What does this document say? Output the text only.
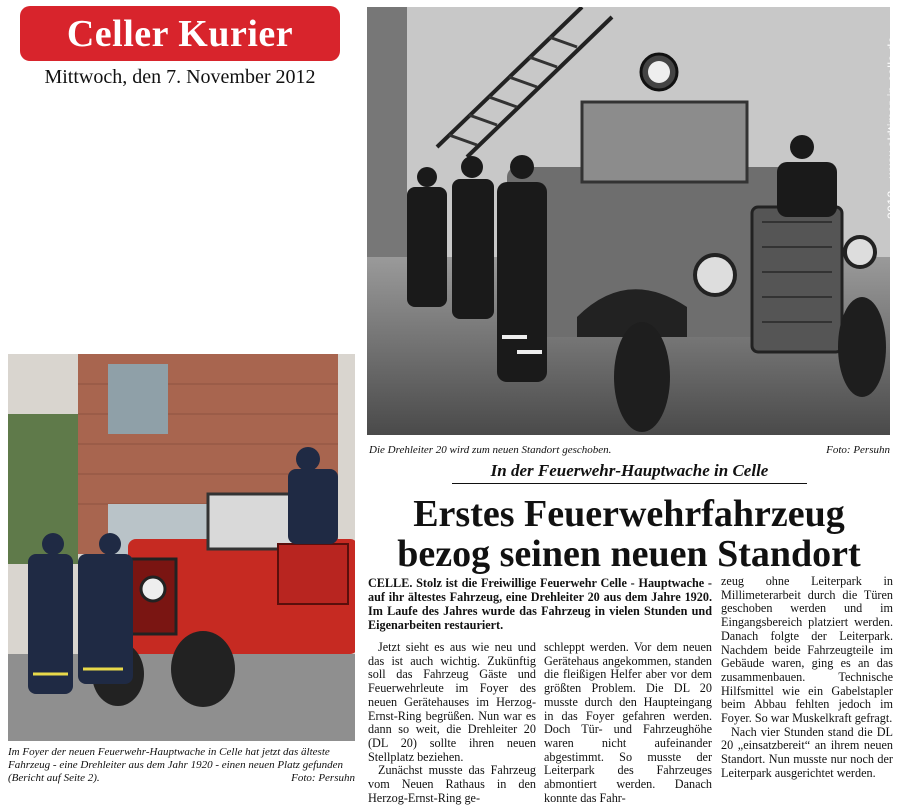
Celler Kurier
Mittwoch, den 7. November 2012	2012 - www.oldtimer-in-celle.de
Die Drehleiter 20 wird zum neuen Standort geschoben.	Foto: Persuhn
Im Foyer der neuen Feuerwehr-Hauptwache in Celle hat jetzt das älteste Fahrzeug - eine Drehleiter aus dem Jahr 1920 - einen neuen Platz gefunden (Bericht auf Seite 2).	Foto: Persuhn
In der Feuerwehr-Hauptwache in Celle
Erstes Feuerwehrfahrzeug
bezog seinen neuen Standort
CELLE. Stolz ist die Freiwillige Feuerwehr Celle - Hauptwache - auf ihr ältestes Fahrzeug, eine Drehleiter 20 aus dem Jahre 1920. Im Laufe des Jahres wurde das Fahrzeug in vielen Stunden und Eigenarbeiten restauriert.

Jetzt sieht es aus wie neu und das ist auch wichtig. Zukünftig soll das Fahrzeug Gäste und Feuerwehrleute im Foyer des neuen Gerätehauses im Herzog-Ernst-Ring begrüßen. Nun war es dann so weit, die Drehleiter 20 (DL 20) sollte ihren neuen Stellplatz beziehen.

Zunächst musste das Fahrzeug vom Neuen Rathaus in den Herzog-Ernst-Ring ge-

schleppt werden. Vor dem neuen Gerätehaus angekommen, standen die fleißigen Helfer aber vor dem größten Problem. Die DL 20 musste durch den Haupteingang in das Foyer gefahren werden. Doch Tür- und Fahrzeughöhe waren nicht aufeinander abgestimmt. So musste der Leiterpark des Fahrzeuges abmontiert werden. Danach konnte das Fahr-

zeug ohne Leiterpark in Millimeterarbeit durch die Türen geschoben werden und im Eingangsbereich platziert werden. Danach folgte der Leiterpark. Nachdem beide Fahrzeugteile im Gebäude waren, ging es an das zusammenbauen. Technische Hilfsmittel wie ein Gabelstapler beim Abbau fehlten jedoch im Foyer. So war Muskelkraft gefragt.

Nach vier Stunden stand die DL 20 „einsatzbereit“ an ihrem neuen Standort. Nun musste nur noch der Leiterpark ausgerichtet werden.
